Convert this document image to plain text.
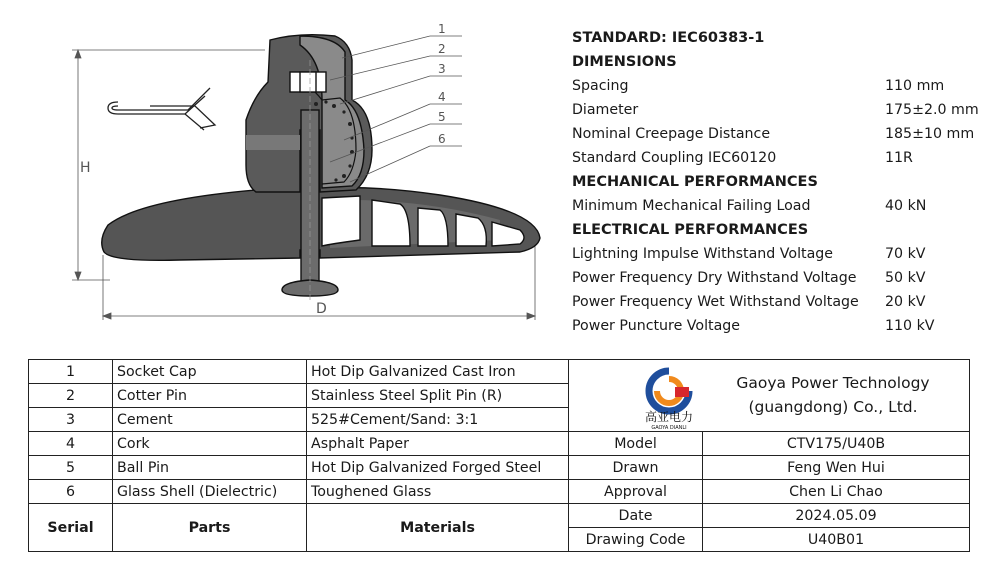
H
D
1
2
3
4
5
6
STANDARD: IEC60383-1
DIMENSIONS
Spacing	110 mm
Diameter	175±2.0 mm
Nominal Creepage Distance	185±10 mm
Standard Coupling IEC60120	11R
MECHANICAL PERFORMANCES
Minimum Mechanical Failing Load	40 kN
ELECTRICAL PERFORMANCES
Lightning Impulse Withstand Voltage	70 kV
Power Frequency Dry Withstand Voltage 50 kV
Power Frequency Wet Withstand Voltage 20 kV
Power Puncture Voltage	110 kV
1	Socket Cap	Hot Dip Galvanized Cast Iron	高亚电力
GAOYA DIANLI
Gaoya Power Technology
(guangdong) Co., Ltd.	

2	Cotter Pin	Stainless Steel Split Pin (R)		
3	Cement	525#Cement/Sand: 3:1		
4	Cork	Asphalt Paper	Model	CTV175/U40B
5	Ball Pin	Hot Dip Galvanized Forged Steel	Drawn	Feng Wen Hui
6	Glass Shell (Dielectric)	Toughened Glass	Approval	Chen Li Chao
Serial	Parts	Materials	Date	2024.05.09
			Drawing Code	U40B01
